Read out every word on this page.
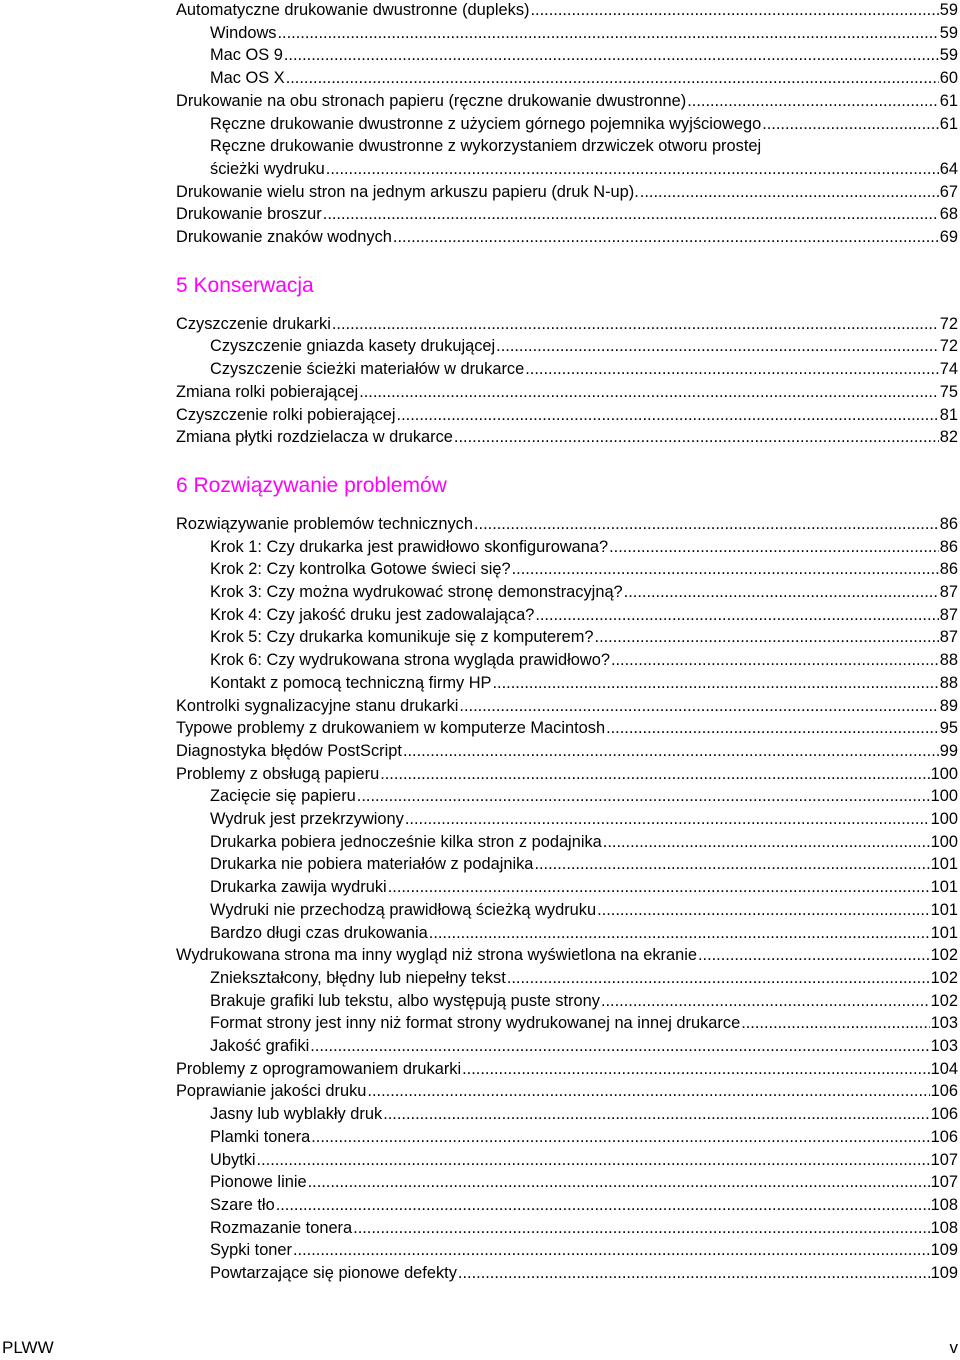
Automatyczne drukowanie dwustronne (dupleks) .....	59
Windows .....	59
Mac OS 9 .....	59
Mac OS X .....	60
Drukowanie na obu stronach papieru (ręczne drukowanie dwustronne) .....	61
Ręczne drukowanie dwustronne z użyciem górnego pojemnika wyjściowego .....	61
Ręczne drukowanie dwustronne z wykorzystaniem drzwiczek otworu prostej
ścieżki wydruku .....	64
Drukowanie wielu stron na jednym arkuszu papieru (druk N-up). .....	67
Drukowanie broszur .....	68
Drukowanie znaków wodnych .....	69
5 Konserwacja
Czyszczenie drukarki .....	72
Czyszczenie gniazda kasety drukującej .....	72
Czyszczenie ścieżki materiałów w drukarce .....	74
Zmiana rolki pobierającej .....	75
Czyszczenie rolki pobierającej .....	81
Zmiana płytki rozdzielacza w drukarce .....	82
6 Rozwiązywanie problemów
Rozwiązywanie problemów technicznych .....	86
Krok 1: Czy drukarka jest prawidłowo skonfigurowana? .....	86
Krok 2: Czy kontrolka Gotowe świeci się? .....	86
Krok 3: Czy można wydrukować stronę demonstracyjną? .....	87
Krok 4: Czy jakość druku jest zadowalająca? .....	87
Krok 5: Czy drukarka komunikuje się z komputerem? .....	87
Krok 6: Czy wydrukowana strona wygląda prawidłowo? .....	88
Kontakt z pomocą techniczną firmy HP .....	88
Kontrolki sygnalizacyjne stanu drukarki .....	89
Typowe problemy z drukowaniem w komputerze Macintosh .....	95
Diagnostyka błędów PostScript .....	99
Problemy z obsługą papieru .....	100
Zacięcie się papieru .....	100
Wydruk jest przekrzywiony .....	100
Drukarka pobiera jednocześnie kilka stron z podajnika .....	100
Drukarka nie pobiera materiałów z podajnika .....	101
Drukarka zawija wydruki .....	101
Wydruki nie przechodzą prawidłową ścieżką wydruku .....	101
Bardzo długi czas drukowania .....	101
Wydrukowana strona ma inny wygląd niż strona wyświetlona na ekranie .....	102
Zniekształcony, błędny lub niepełny tekst .....	102
Brakuje grafiki lub tekstu, albo występują puste strony .....	102
Format strony jest inny niż format strony wydrukowanej na innej drukarce .....	103
Jakość grafiki .....	103
Problemy z oprogramowaniem drukarki .....	104
Poprawianie jakości druku .....	106
Jasny lub wyblakły druk .....	106
Plamki tonera .....	106
Ubytki .....	107
Pionowe linie .....	107
Szare tło .....	108
Rozmazanie tonera .....	108
Sypki toner .....	109
Powtarzające się pionowe defekty .....	109
PLWW	v
